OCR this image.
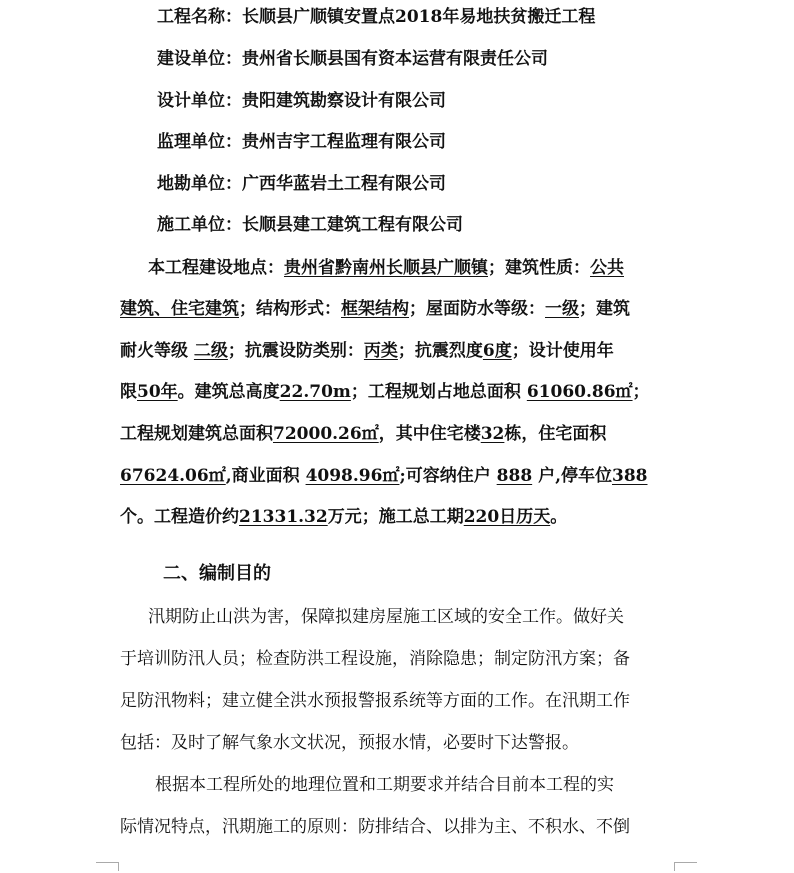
工程名称：长顺县广顺镇安置点2018年易地扶贫搬迁工程
建设单位：贵州省长顺县国有资本运营有限责任公司
设计单位：贵阳建筑勘察设计有限公司
监理单位：贵州吉宇工程监理有限公司
地勘单位：广西华蓝岩土工程有限公司
施工单位：长顺县建工建筑工程有限公司
本工程建设地点：贵州省黔南州长顺县广顺镇；建筑性质：公共
建筑、住宅建筑；结构形式：框架结构；屋面防水等级：一级；建筑
耐火等级 二级；抗震设防类别：丙类；抗震烈度6度；设计使用年
限50年。建筑总高度22.70m；工程规划占地总面积 61060.86㎡；
工程规划建筑总面积72000.26㎡，其中住宅楼32栋，住宅面积
67624.06㎡,商业面积 4098.96㎡;可容纳住户 888 户,停车位388
个。工程造价约21331.32万元；施工总工期220日历天。
二、编制目的
汛期防止山洪为害，保障拟建房屋施工区域的安全工作。做好关
于培训防汛人员；检查防洪工程设施，消除隐患；制定防汛方案；备
足防汛物料；建立健全洪水预报警报系统等方面的工作。在汛期工作
包括：及时了解气象水文状况，预报水情，必要时下达警报。
根据本工程所处的地理位置和工期要求并结合目前本工程的实
际情况特点，汛期施工的原则：防排结合、以排为主、不积水、不倒
